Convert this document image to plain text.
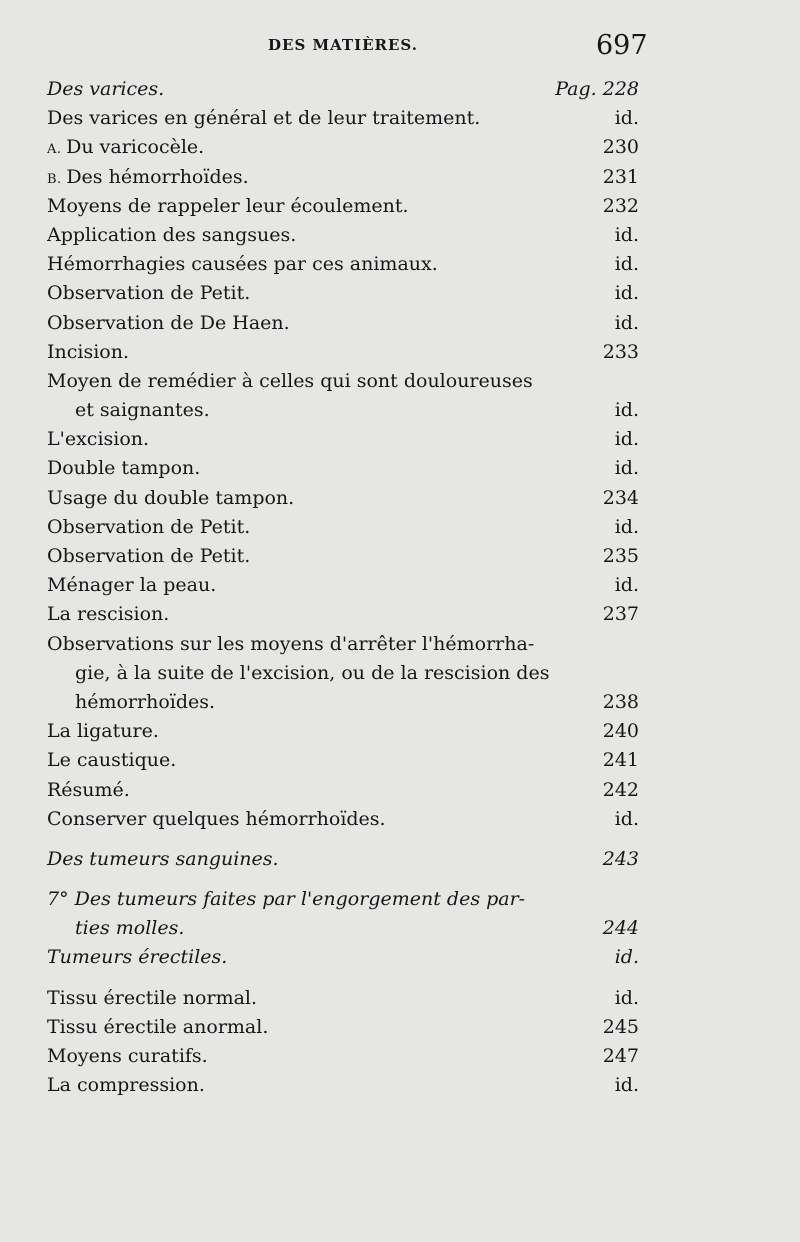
DES MATIÈRES.	697
Des varices.	Pag. 228
Des varices en général et de leur traitement.	id.
A. Du varicocèle.	230
B. Des hémorrhoïdes.	231
Moyens de rappeler leur écoulement.	232
Application des sangsues.	id.
Hémorrhagies causées par ces animaux.	id.
Observation de Petit.	id.
Observation de De Haen.	id.
Incision.	233
Moyen de remédier à celles qui sont douloureuses
et saignantes.	id.
L'excision.	id.
Double tampon.	id.
Usage du double tampon.	234
Observation de Petit.	id.
Observation de Petit.	235
Ménager la peau.	id.
La rescision.	237
Observations sur les moyens d'arrêter l'hémorrha-
gie, à la suite de l'excision, ou de la rescision des
hémorrhoïdes.	238
La ligature.	240
Le caustique.	241
Résumé.	242
Conserver quelques hémorrhoïdes.	id.
Des tumeurs sanguines.	243
7° Des tumeurs faites par l'engorgement des par-
ties molles.	244
Tumeurs érectiles.	id.
Tissu érectile normal.	id.
Tissu érectile anormal.	245
Moyens curatifs.	247
La compression.	id.
